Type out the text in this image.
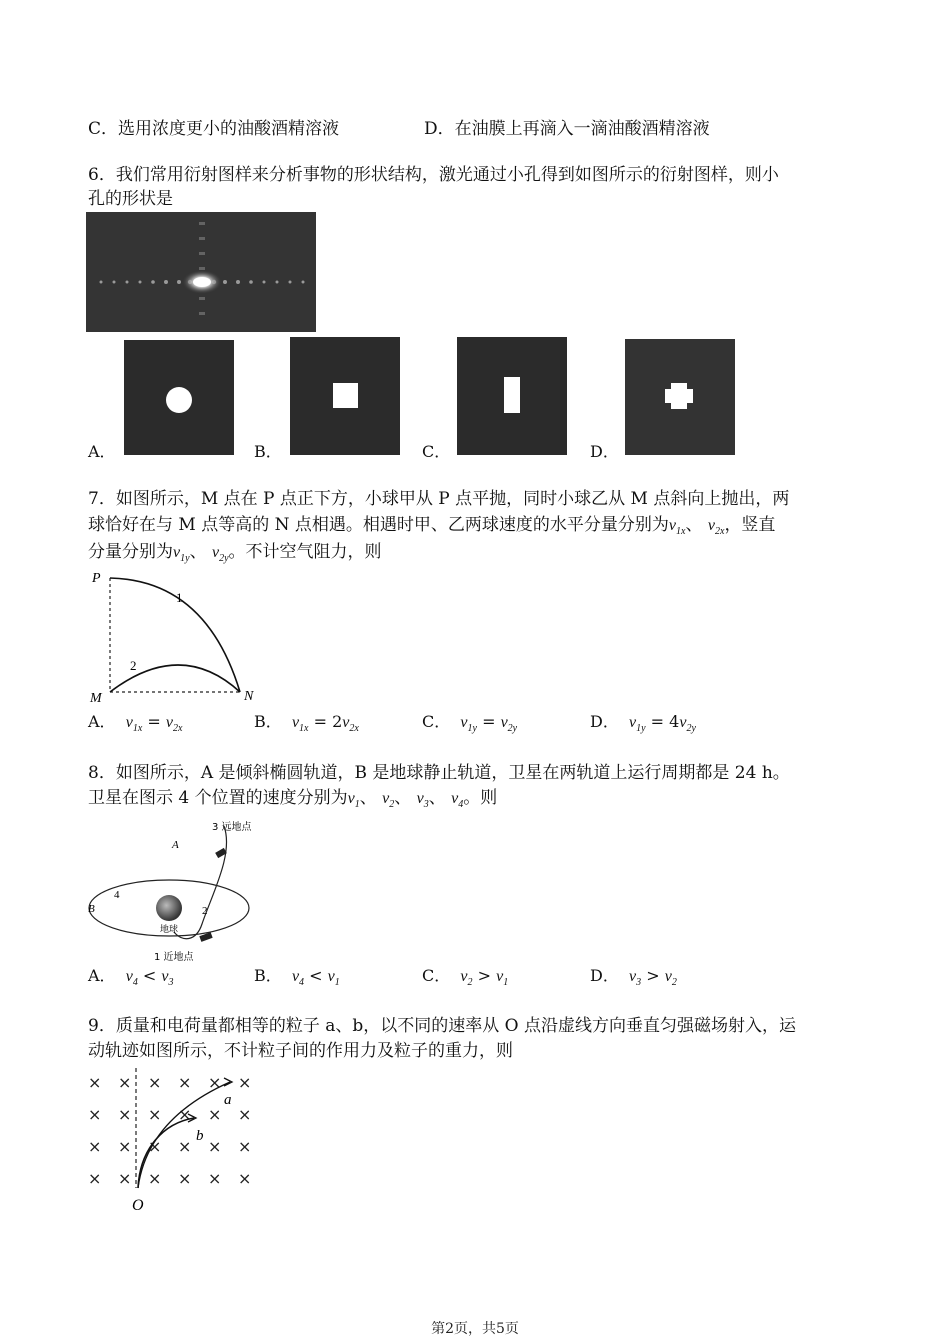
C．选用浓度更小的油酸酒精溶液	D．在油膜上再滴入一滴油酸酒精溶液
6．我们常用衍射图样来分析事物的形状结构，激光通过小孔得到如图所示的衍射图样，则小
孔的形状是
A．	B．	C．	D．
7．如图所示，M 点在 P 点正下方，小球甲从 P 点平抛，同时小球乙从 M 点斜向上抛出，两
球恰好在与 M 点等高的 N 点相遇。相遇时甲、乙两球速度的水平分量分别为$v_{1x}$、 $v_{2x}$，竖直
分量分别为$v_{1y}$、 $v_{2y}$。不计空气阻力，则
P
M	N
1
2
A． $v_{1x} = v_{2x}$	B． $v_{1x} = 2v_{2x}$	C． $v_{1y} = v_{2y}$	D． $v_{1y} = 4v_{2y}$
8．如图所示，A 是倾斜椭圆轨道，B 是地球静止轨道，卫星在两轨道上运行周期都是 24 h。
卫星在图示 4 个位置的速度分别为$v_1$、 $v_2$、 $v_3$、 $v_4$。则
3 远地点
1 近地点
地球
A
B	2
4
A． $v_4 < v_3$	B． $v_4 < v_1$	C． $v_2 > v_1$	D． $v_3 > v_2$
9．质量和电荷量都相等的粒子 a、b，以不同的速率从 O 点沿虚线方向垂直匀强磁场射入，运
动轨迹如图所示，不计粒子间的作用力及粒子的重力，则
× × × × × ×
× × × × × ×
× × × × × ×
× × × × × ×
a
b
O
第2页，共5页
